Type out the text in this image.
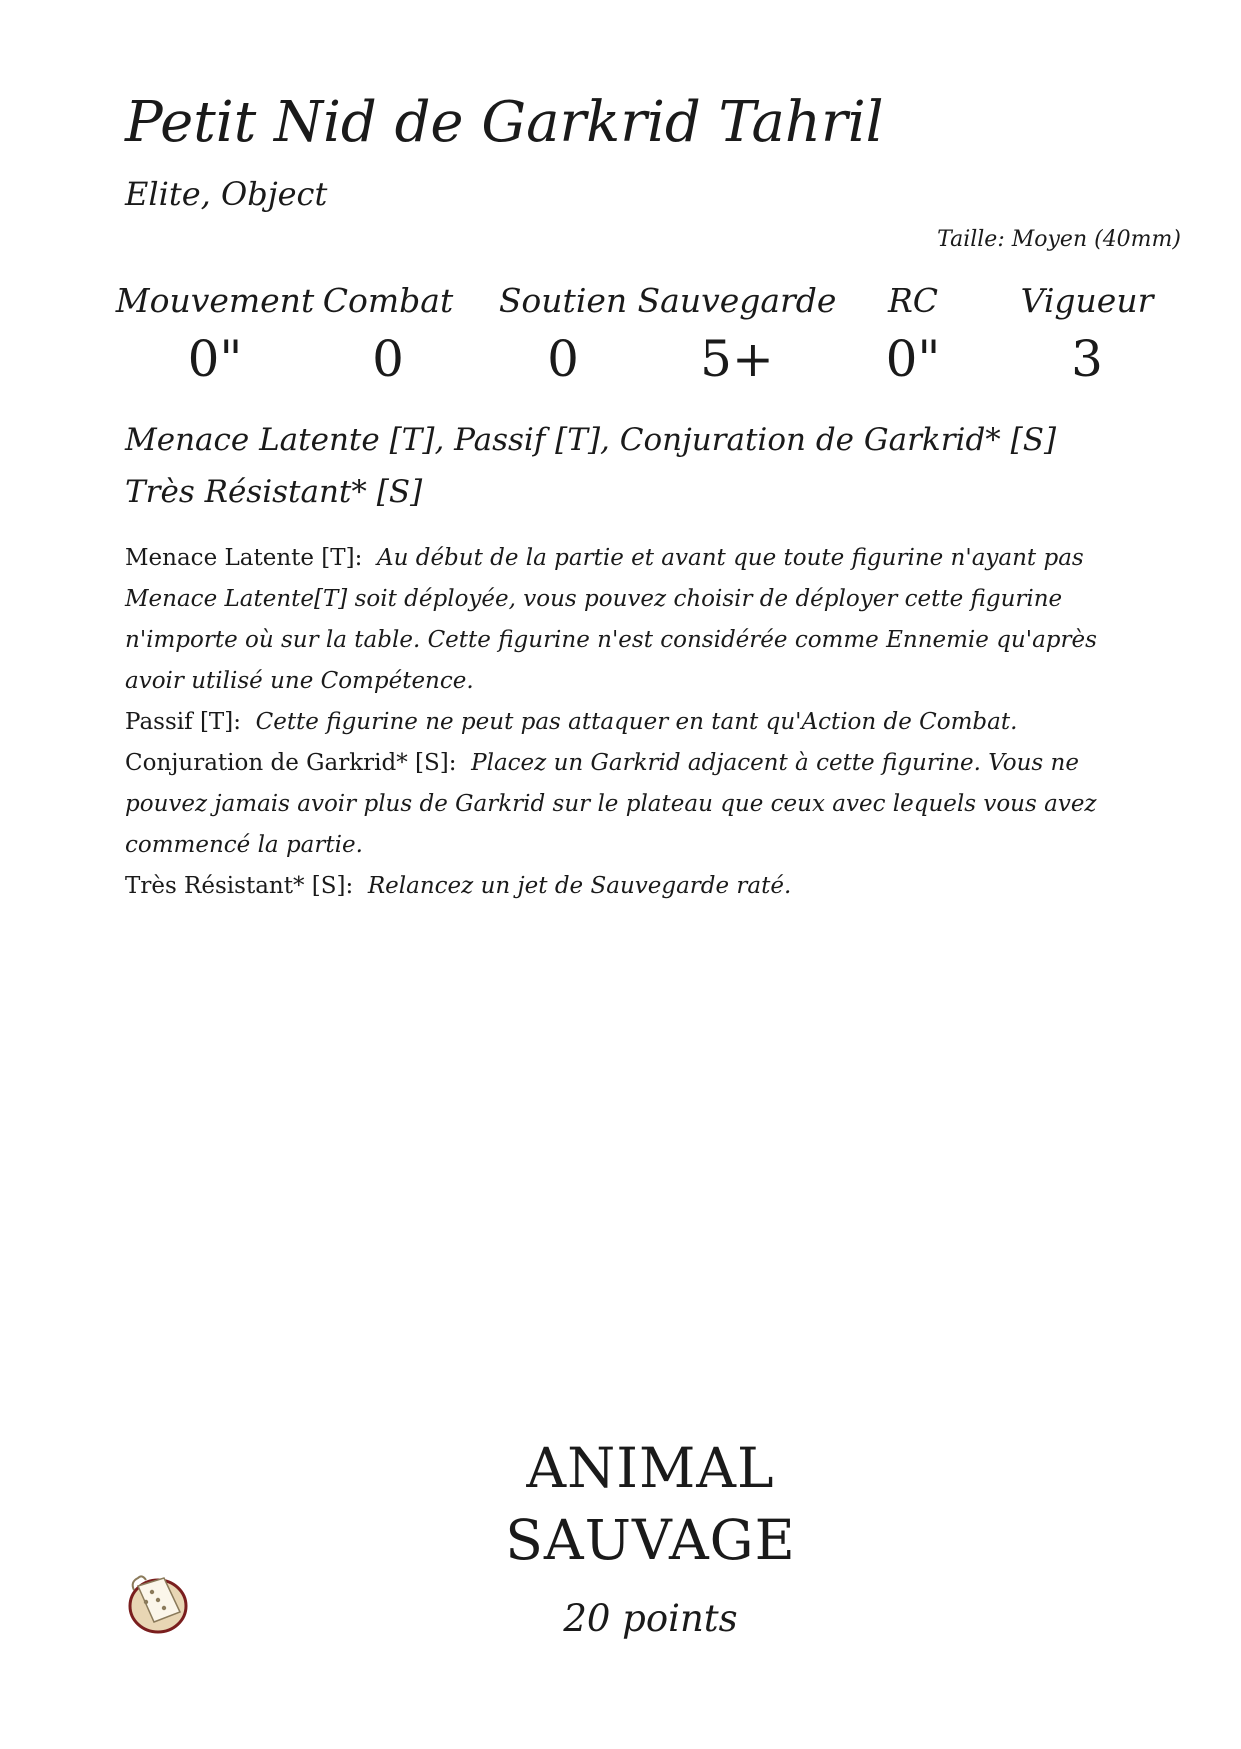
Petit Nid de Garkrid Tahril
Elite, Object
Taille: Moyen (40mm)
Mouvement
0"
Combat
0
Soutien
0
Sauvegarde
5+
RC
0"
Vigueur
3
Menace Latente [T], Passif [T], Conjuration de Garkrid* [S]
Très Résistant* [S]

Menace Latente [T]: Au début de la partie et avant que toute figurine n'ayant pas Menace Latente[T] soit déployée, vous pouvez choisir de déployer cette figurine n'importe où sur la table. Cette figurine n'est considérée comme Ennemie qu'après avoir utilisé une Compétence.

Passif [T]: Cette figurine ne peut pas attaquer en tant qu'Action de Combat.

Conjuration de Garkrid* [S]: Placez un Garkrid adjacent à cette figurine. Vous ne pouvez jamais avoir plus de Garkrid sur le plateau que ceux avec lequels vous avez commencé la partie.

Très Résistant* [S]: Relancez un jet de Sauvegarde raté.

ANIMAL
SAUVAGE
20 points
